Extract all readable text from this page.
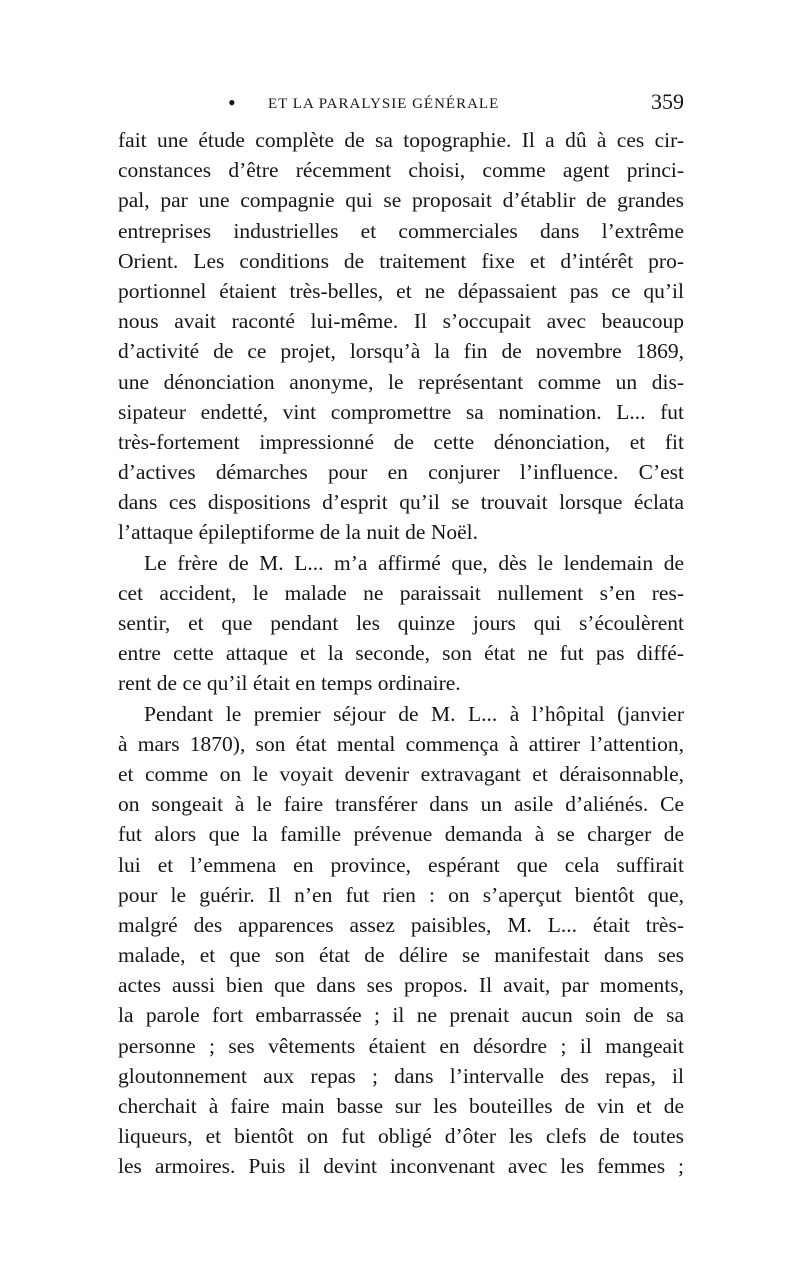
• ET LA PARALYSIE GÉNÉRALE	359
fait une étude complète de sa topographie. Il a dû à ces cir-
constances d’être récemment choisi, comme agent princi-
pal, par une compagnie qui se proposait d’établir de grandes
entreprises industrielles et commerciales dans l’extrême
Orient. Les conditions de traitement fixe et d’intérêt pro-
portionnel étaient très-belles, et ne dépassaient pas ce qu’il
nous avait raconté lui-même. Il s’occupait avec beaucoup
d’activité de ce projet, lorsqu’à la fin de novembre 1869,
une dénonciation anonyme, le représentant comme un dis-
sipateur endetté, vint compromettre sa nomination. L... fut
très-fortement impressionné de cette dénonciation, et fit
d’actives démarches pour en conjurer l’influence. C’est
dans ces dispositions d’esprit qu’il se trouvait lorsque éclata
l’attaque épileptiforme de la nuit de Noël.
Le frère de M. L... m’a affirmé que, dès le lendemain de
cet accident, le malade ne paraissait nullement s’en res-
sentir, et que pendant les quinze jours qui s’écoulèrent
entre cette attaque et la seconde, son état ne fut pas diffé-
rent de ce qu’il était en temps ordinaire.
Pendant le premier séjour de M. L... à l’hôpital (janvier
à mars 1870), son état mental commença à attirer l’attention,
et comme on le voyait devenir extravagant et déraisonnable,
on songeait à le faire transférer dans un asile d’aliénés. Ce
fut alors que la famille prévenue demanda à se charger de
lui et l’emmena en province, espérant que cela suffirait
pour le guérir. Il n’en fut rien : on s’aperçut bientôt que,
malgré des apparences assez paisibles, M. L... était très-
malade, et que son état de délire se manifestait dans ses
actes aussi bien que dans ses propos. Il avait, par moments,
la parole fort embarrassée ; il ne prenait aucun soin de sa
personne ; ses vêtements étaient en désordre ; il mangeait
gloutonnement aux repas ; dans l’intervalle des repas, il
cherchait à faire main basse sur les bouteilles de vin et de
liqueurs, et bientôt on fut obligé d’ôter les clefs de toutes
les armoires. Puis il devint inconvenant avec les femmes ;
